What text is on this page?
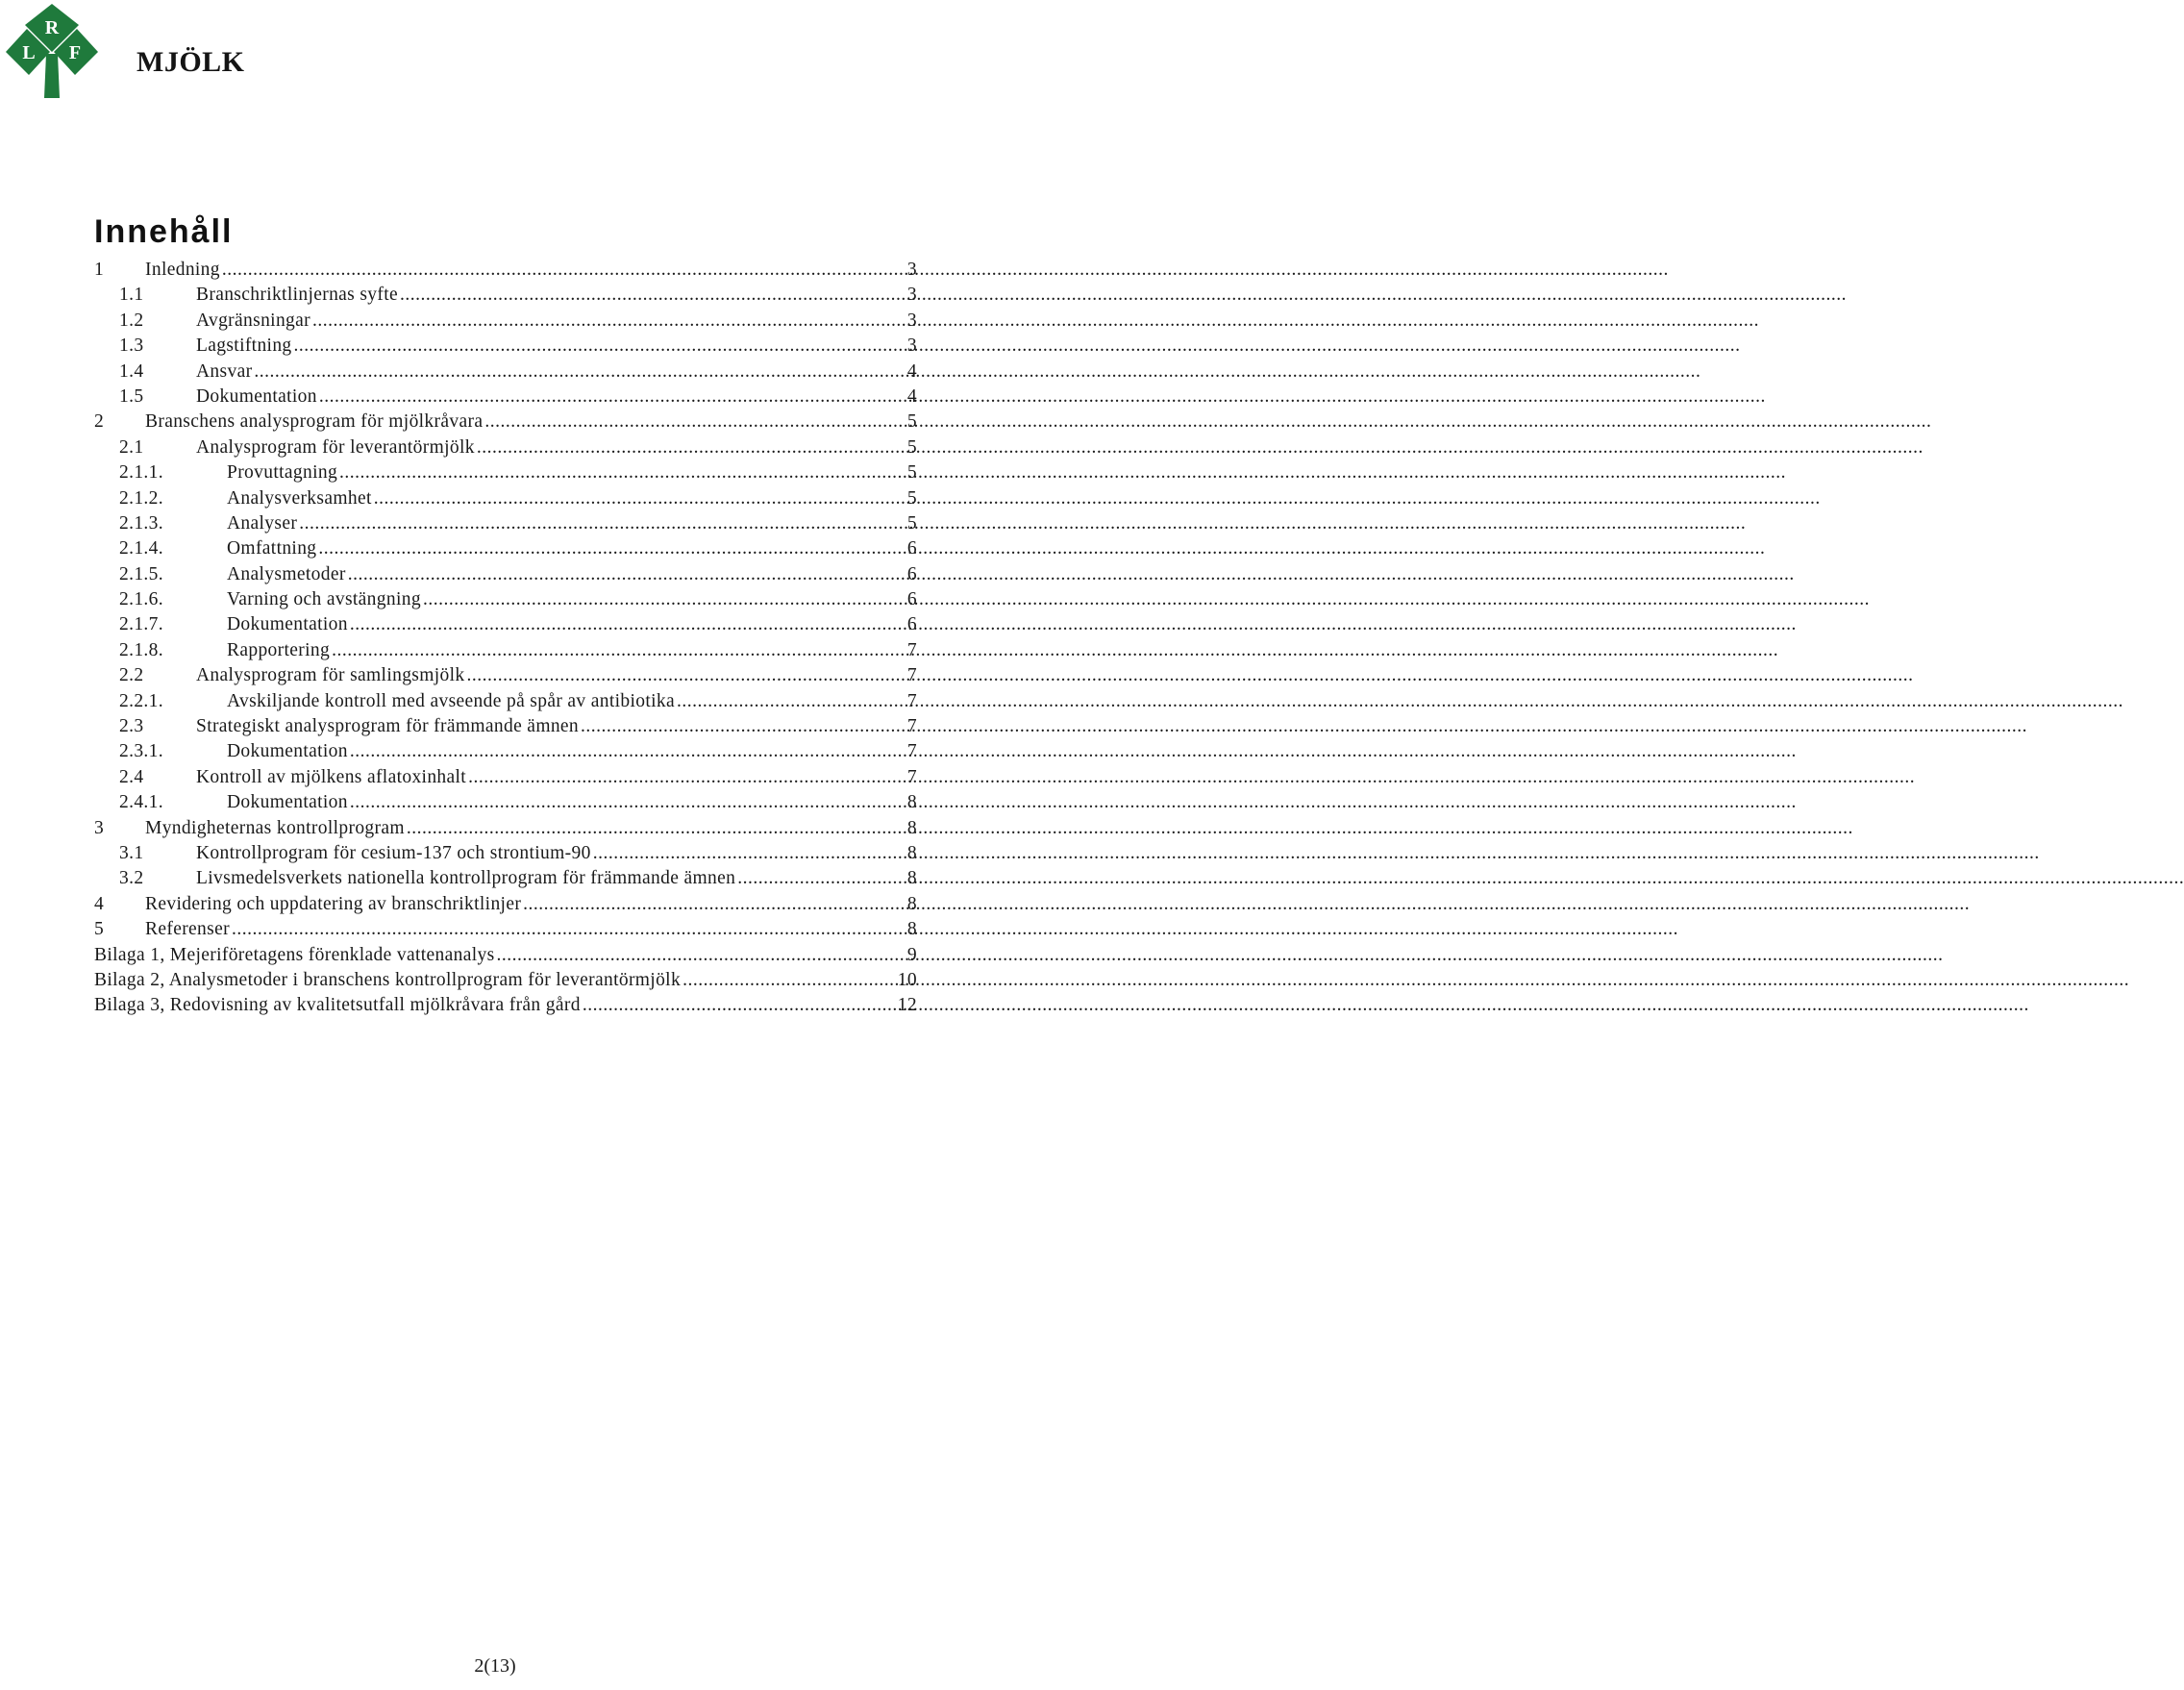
R
L F MJÖLK
Innehåll
1	Inledning .....	3
1.1	Branschriktlinjernas syfte .....	3
1.2	Avgränsningar .....	3
1.3	Lagstiftning .....	3
1.4	Ansvar .....	4
1.5	Dokumentation .....	4
2	Branschens analysprogram för mjölkråvara .....	5
2.1	Analysprogram för leverantörmjölk .....	5
2.1.1.	Provuttagning .....	5
2.1.2.	Analysverksamhet .....	5
2.1.3.	Analyser .....	5
2.1.4.	Omfattning .....	6
2.1.5.	Analysmetoder .....	6
2.1.6.	Varning och avstängning .....	6
2.1.7.	Dokumentation .....	6
2.1.8.	Rapportering .....	7
2.2	Analysprogram för samlingsmjölk .....	7
2.2.1.	Avskiljande kontroll med avseende på spår av antibiotika .....	7
2.3	Strategiskt analysprogram för främmande ämnen .....	7
2.3.1.	Dokumentation .....	7
2.4	Kontroll av mjölkens aflatoxinhalt .....	7
2.4.1.	Dokumentation .....	8
3	Myndigheternas kontrollprogram .....	8
3.1	Kontrollprogram för cesium-137 och strontium-90 .....	8
3.2	Livsmedelsverkets nationella kontrollprogram för främmande ämnen .....	8
4	Revidering och uppdatering av branschriktlinjer .....	8
5	Referenser .....	8
Bilaga 1, Mejeriföretagens förenklade vattenanalys .....	9
Bilaga 2, Analysmetoder i branschens kontrollprogram för leverantörmjölk .....	10
Bilaga 3, Redovisning av kvalitetsutfall mjölkråvara från gård .....	12
2(13)
